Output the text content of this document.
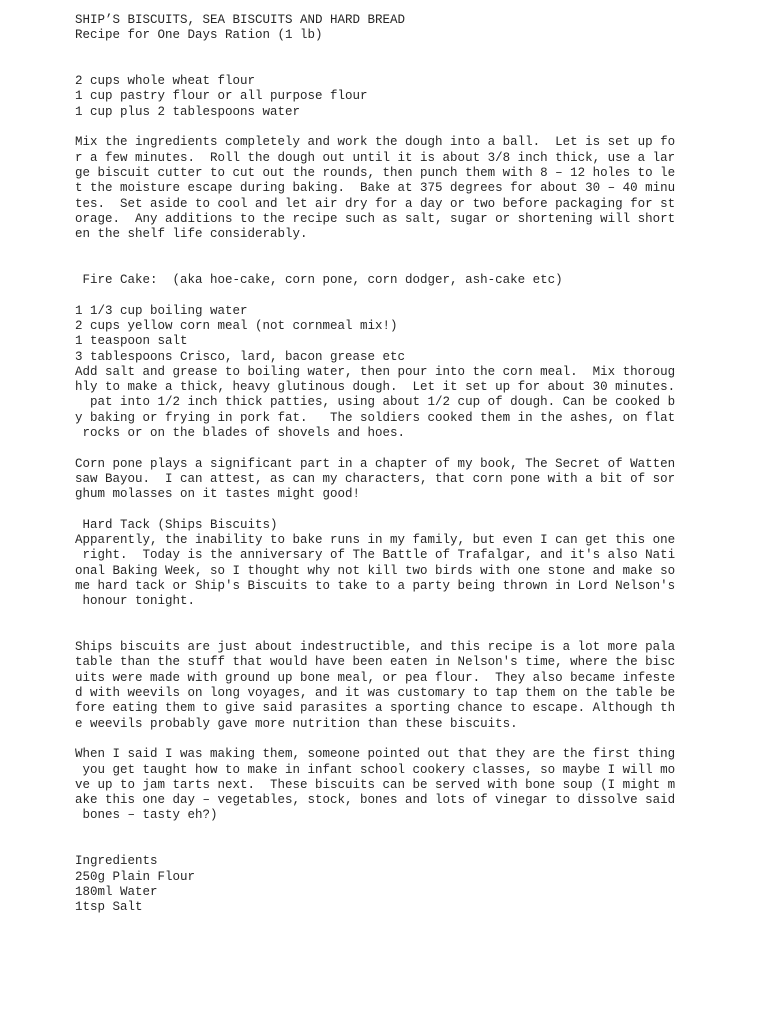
SHIP’S BISCUITS, SEA BISCUITS AND HARD BREAD
Recipe for One Days Ration (1 lb)
2 cups whole wheat flour
1 cup pastry flour or all purpose flour
1 cup plus 2 tablespoons water
Mix the ingredients completely and work the dough into a ball.  Let is set up fo
r a few minutes.  Roll the dough out until it is about 3/8 inch thick, use a lar
ge biscuit cutter to cut out the rounds, then punch them with 8 – 12 holes to le
t the moisture escape during baking.  Bake at 375 degrees for about 30 – 40 minu
tes.  Set aside to cool and let air dry for a day or two before packaging for st
orage.  Any additions to the recipe such as salt, sugar or shortening will short
en the shelf life considerably.
Fire Cake:  (aka hoe-cake, corn pone, corn dodger, ash-cake etc)
1 1/3 cup boiling water
2 cups yellow corn meal (not cornmeal mix!)
1 teaspoon salt
3 tablespoons Crisco, lard, bacon grease etc
Add salt and grease to boiling water, then pour into the corn meal.  Mix thoroug
hly to make a thick, heavy glutinous dough.  Let it set up for about 30 minutes.
pat into 1/2 inch thick patties, using about 1/2 cup of dough. Can be cooked b
y baking or frying in pork fat.   The soldiers cooked them in the ashes, on flat
rocks or on the blades of shovels and hoes.
Corn pone plays a significant part in a chapter of my book, The Secret of Watten
saw Bayou.  I can attest, as can my characters, that corn pone with a bit of sor
ghum molasses on it tastes might good!
Hard Tack (Ships Biscuits)
Apparently, the inability to bake runs in my family, but even I can get this one
right.  Today is the anniversary of The Battle of Trafalgar, and it's also Nati
onal Baking Week, so I thought why not kill two birds with one stone and make so
me hard tack or Ship's Biscuits to take to a party being thrown in Lord Nelson's
honour tonight.
Ships biscuits are just about indestructible, and this recipe is a lot more pala
table than the stuff that would have been eaten in Nelson's time, where the bisc
uits were made with ground up bone meal, or pea flour.  They also became infeste
d with weevils on long voyages, and it was customary to tap them on the table be
fore eating them to give said parasites a sporting chance to escape. Although th
e weevils probably gave more nutrition than these biscuits.
When I said I was making them, someone pointed out that they are the first thing
you get taught how to make in infant school cookery classes, so maybe I will mo
ve up to jam tarts next.  These biscuits can be served with bone soup (I might m
ake this one day – vegetables, stock, bones and lots of vinegar to dissolve said
bones – tasty eh?)
Ingredients
250g Plain Flour
180ml Water
1tsp Salt
